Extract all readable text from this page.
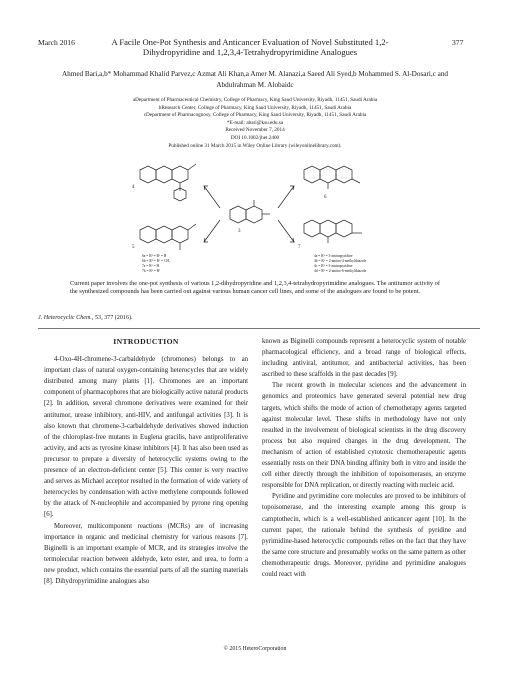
March 2016	377
A Facile One-Pot Synthesis and Anticancer Evaluation of Novel Substituted 1,2-Dihydropyridine and 1,2,3,4-Tetrahydropyrimidine Analogues
Ahmed Bari,a,b* Mohammad Khalid Parvez,c Azmat Ali Khan,a Amer M. Alanazi,a Saeed Ali Syed,b Mohammed S. Al-Dosari,c and Abdulrahman M. Alobaidc
aDepartment of Pharmaceutical Chemistry, College of Pharmacy, King Saud University, Riyadh, 11451, Saudi Arabia
bResearch Center, College of Pharmacy, King Saud University, Riyadh, 11451, Saudi Arabia
cDepartment of Pharmacognosy, College of Pharmacy, King Saud University, Riyadh, 11451, Saudi Arabia
*E-mail: abari@ksu.edu.sa
Received November 7, 2014
DOI 10.1002/jhet.2400
Published online 31 March 2015 in Wiley Online Library (wileyonlinelibrary.com).
4
5
3
6
7
6a = R¹ = R² = H
6b = R¹ = R² = CH₃
7a = R¹ = H
7b = R¹ = R²
4a = R¹ = 3-aminopyridine
4b = R¹ = 2-amino-4-methylthiazole
4c = R¹ = 3-aminopyridine
4d = R¹ = 2-amino-6-methylthiazole
Current paper involves the one-pot synthesis of various 1,2-dihydropyridine and 1,2,3,4-tetrahydropyrimidine analogues. The antitumor activity of the synthesized compounds has been carried out against various human cancer cell lines, and some of the analogues are found to be potent.
J. Heterocyclic Chem., 53, 377 (2016).
INTRODUCTION

4-Oxo-4H-chromene-3-carbaldehyde (chromones) belongs to an important class of natural oxygen-containing heterocycles that are widely distributed among many plants [1]. Chromones are an important component of pharmacophores that are biologically active natural products [2]. In addition, several chromone derivatives were examined for their antitumor, urease inhibitory, anti-HIV, and antifungal activities [3]. It is also known that chromene-3-carbaldehyde derivatives showed induction of the chloroplast-free mutants in Euglena gracilis, have antiproliferative activity, and acts as tyrosine kinase inhibitors [4]. It has also been used as precursor to prepare a diversity of heterocyclic systems owing to the presence of an electron-deficient center [5]. This center is very reactive and serves as Michael acceptor resulted in the formation of wide variety of heterocycles by condensation with active methylene compounds followed by the attack of N-nucleophile and accompanied by pyrone ring opening [6].

Moreover, multicomponent reactions (MCRs) are of increasing importance in organic and medicinal chemistry for various reasons [7]. Biginelli is an important example of MCR, and its strategies involve the termolecular reaction between aldehyde, keto ester, and urea, to form a new product, which contains the essential parts of all the starting materials [8]. Dihydropyrimidine analogues also

known as Biginelli compounds represent a heterocyclic system of notable pharmacological efficiency, and a broad range of biological effects, including antiviral, antitumor, and antibacterial activities, has been ascribed to these scaffolds in the past decades [9].

The recent growth in molecular sciences and the advancement in genomics and proteomics have generated several potential new drug targets, which shifts the mode of action of chemotherapy agents targeted against molecular level. These shifts in methodology have not only resulted in the involvement of biological scientists in the drug discovery process but also required changes in the drug development. The mechanism of action of established cytotoxic chemotherapeutic agents essentially rests on their DNA binding affinity both in vitro and inside the cell either directly through the inhibition of topoisomerases, an enzyme responsible for DNA replication, or directly reacting with nucleic acid.

Pyridine and pyrimidine core molecules are proved to be inhibitors of topoisomerase, and the interesting example among this group is camptothecin, which is a well-established anticancer agent [10]. In the current paper, the rationale behind the synthesis of pyridine and pyrimidine-based heterocyclic compounds relies on the fact that they have the same core structure and presumably works on the same pattern as other chemotherapeutic drugs. Moreover, pyridine and pyrimidine analogues could react with

© 2015 HeteroCorporation
